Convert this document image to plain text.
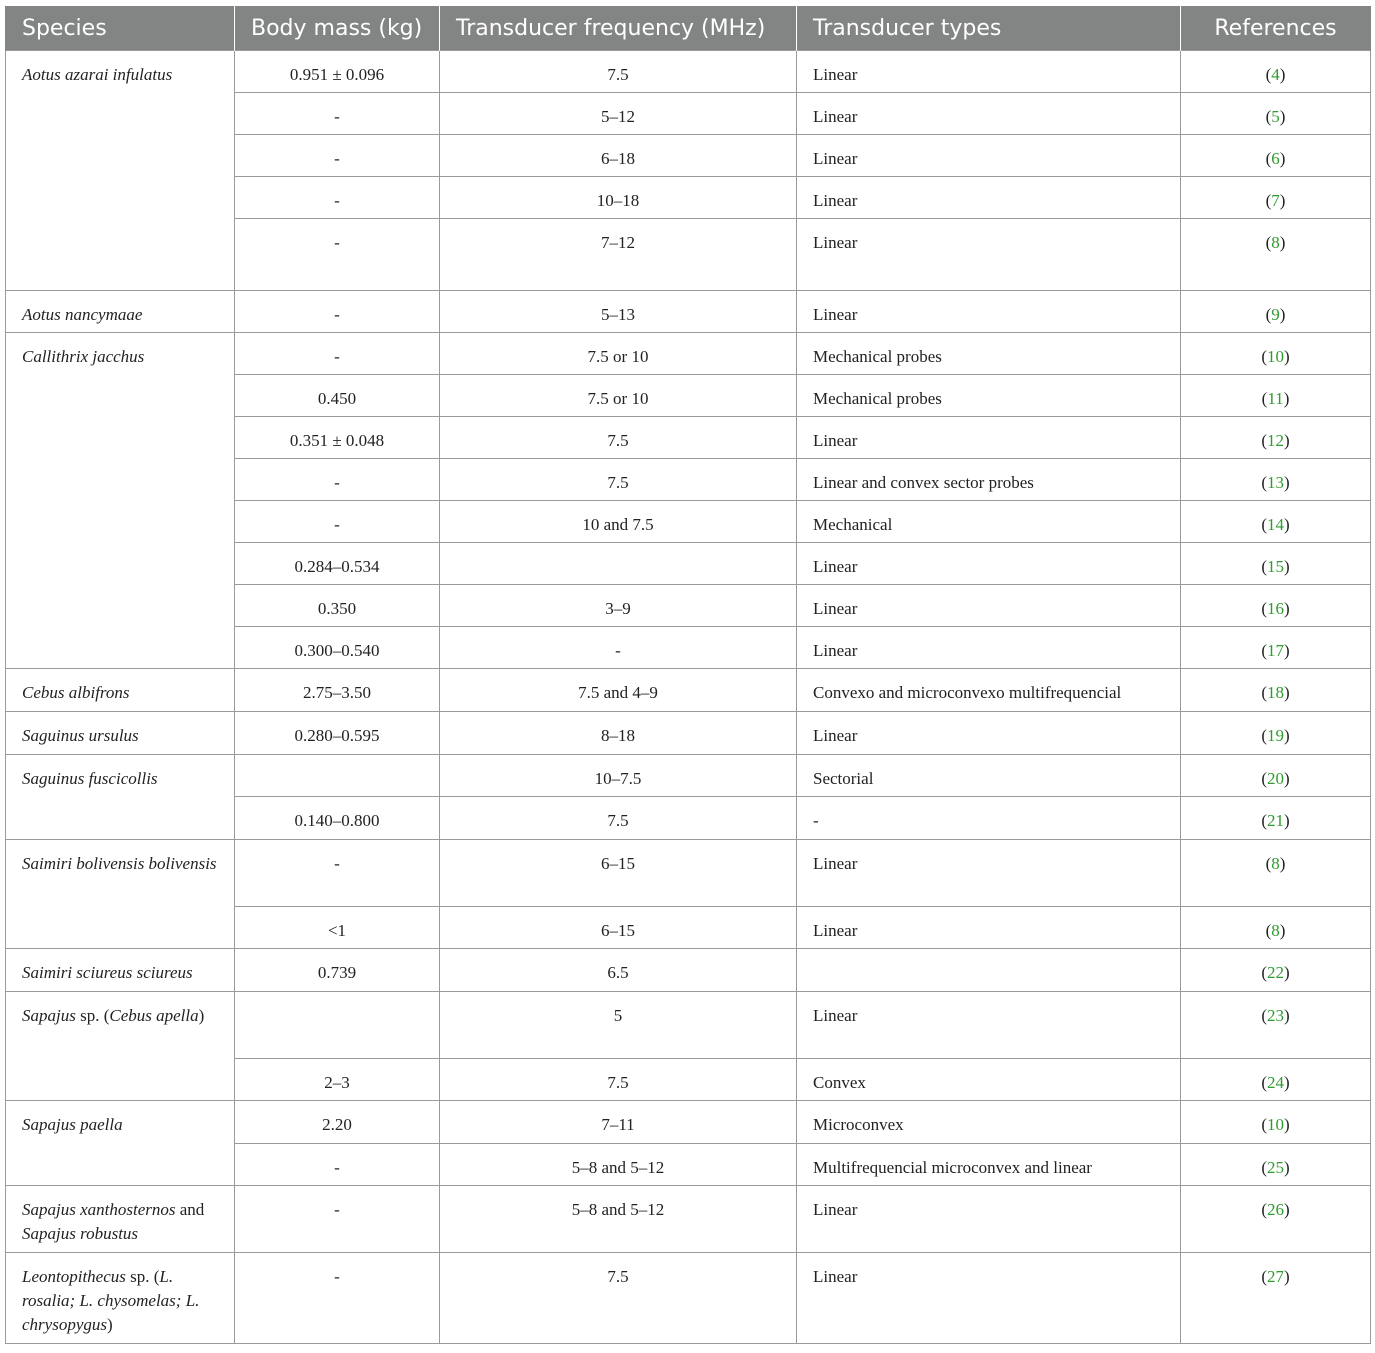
Species	Body mass (kg)	Transducer frequency (MHz)	Transducer types	References
Aotus azarai infulatus	0.951 ± 0.096	7.5	Linear	(4)
	-	5–12	Linear	(5)
	-	6–18	Linear	(6)
	-	10–18	Linear	(7)
	-	7–12	Linear	(8)
Aotus nancymaae	-	5–13	Linear	(9)
Callithrix jacchus	-	7.5 or 10	Mechanical probes	(10)
	0.450	7.5 or 10	Mechanical probes	(11)
	0.351 ± 0.048	7.5	Linear	(12)
	-	7.5	Linear and convex sector probes	(13)
	-	10 and 7.5	Mechanical	(14)
	0.284–0.534		Linear	(15)
	0.350	3–9	Linear	(16)
	0.300–0.540	-	Linear	(17)
Cebus albifrons	2.75–3.50	7.5 and 4–9	Convexo and microconvexo multifrequencial	(18)
Saguinus ursulus	0.280–0.595	8–18	Linear	(19)
Saguinus fuscicollis		10–7.5	Sectorial	(20)
	0.140–0.800	7.5	-	(21)
Saimiri bolivensis bolivensis	-	6–15	Linear	(8)
	<1	6–15	Linear	(8)
Saimiri sciureus sciureus	0.739	6.5		(22)
Sapajus sp. (Cebus apella)		5	Linear	(23)
	2–3	7.5	Convex	(24)
Sapajus paella	2.20	7–11	Microconvex	(10)
	-	5–8 and 5–12	Multifrequencial microconvex and linear	(25)
Sapajus xanthosternos and Sapajus robustus	-	5–8 and 5–12	Linear	(26)
Leontopithecus sp. (L. rosalia; L. chysomelas; L. chrysopygus)	-	7.5	Linear	(27)
